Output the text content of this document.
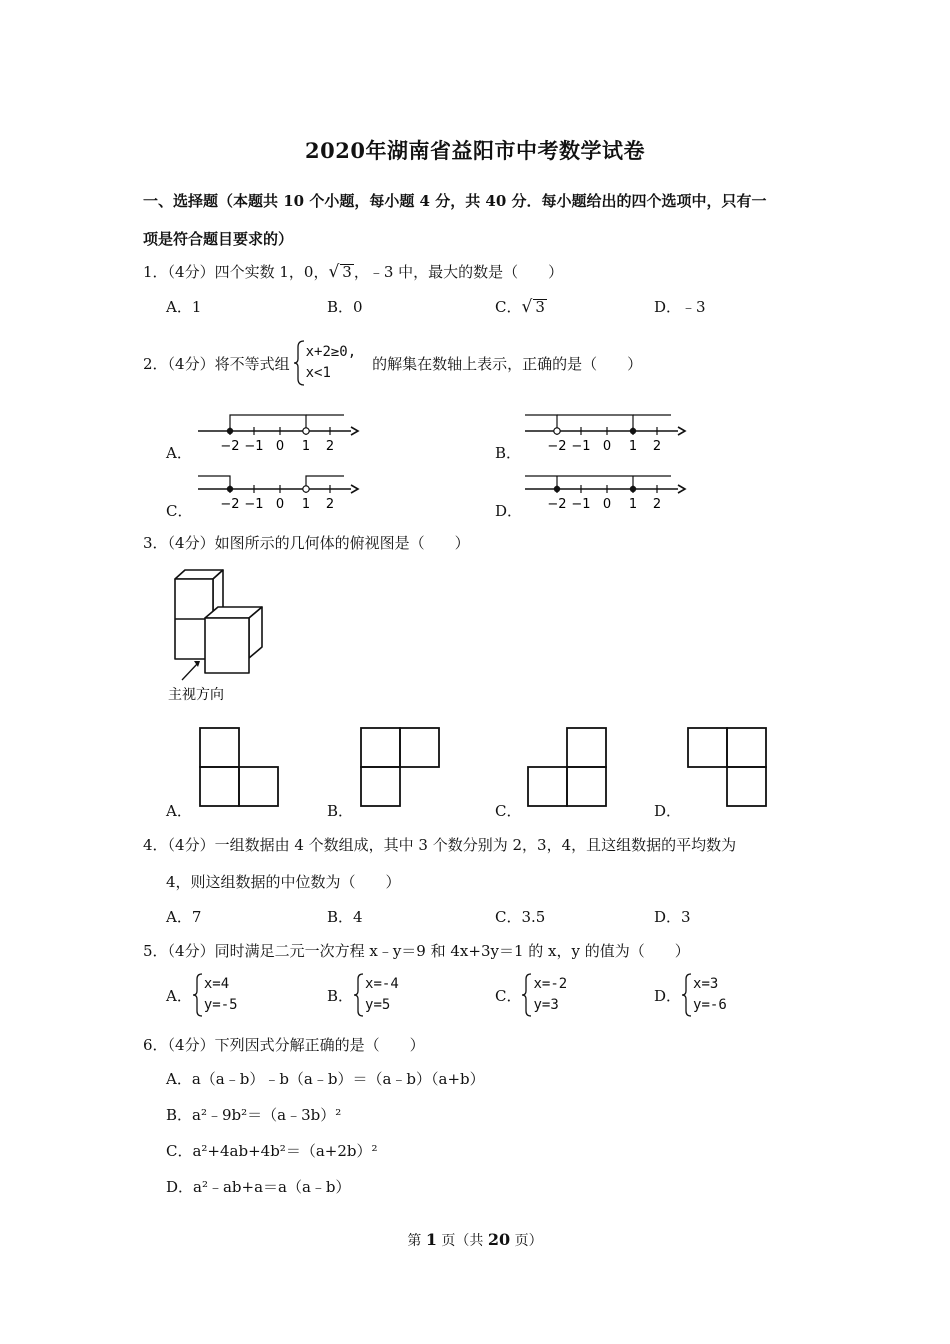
2020年湖南省益阳市中考数学试卷
一、选择题（本题共 10 个小题，每小题 4 分，共 40 分．每小题给出的四个选项中，只有一
项是符合题目要求的）
1．（4分）四个实数 1，0，√ 3 ，﹣3 中，最大的数是（　　）
A．1	B．0	C．√ 3	D．﹣3
2．（4分）将不等式组
x+2≥0,
x<1
的解集在数轴上表示，正确的是（　　）
A． −2 −1 0 1 2	B． −2 −1 0 1 2
C． −2 −1 0 1 2	D． −2 −1 0 1 2
3．（4分）如图所示的几何体的俯视图是（　　）
主视方向
A．	B．	C．	D．
4．（4分）一组数据由 4 个数组成，其中 3 个数分别为 2，3，4，且这组数据的平均数为
4，则这组数据的中位数为（　　）
A．7	B．4	C．3.5	D．3
5．（4分）同时满足二元一次方程 x﹣y＝9 和 4x+3y＝1 的 x，y 的值为（　　）
A．
x=4
y=-5
B．
x=-4
y=5
C．
x=-2
y=3
D．
x=3
y=-6
6．（4分）下列因式分解正确的是（　　）
A．a（a﹣b）﹣b（a﹣b）＝（a﹣b）（a+b）
B．a²﹣9b²＝（a﹣3b）²
C．a²+4ab+4b²＝（a+2b）²
D．a²﹣ab+a＝a（a﹣b）
第 1 页（共 20 页）
